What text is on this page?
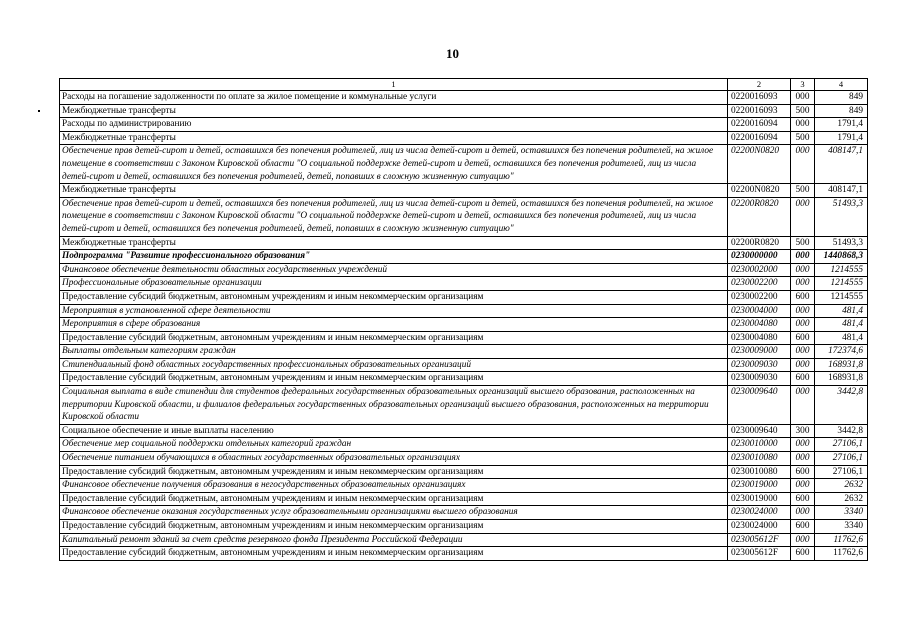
10
1	2	3	4
Расходы на погашение задолженности по оплате за жилое помещение и коммунальные услуги	0220016093	000	849
Межбюджетные трансферты	0220016093	500	849
Расходы по администрированию	0220016094	000	1791,4
Межбюджетные трансферты	0220016094	500	1791,4
Обеспечение прав детей-сирот и детей, оставшихся без попечения родителей, лиц из числа детей-сирот и детей, оставшихся без попечения родителей, на жилое помещение в соответствии с Законом Кировской области "О социальной поддержке детей-сирот и детей, оставшихся без попечения родителей, лиц из числа детей-сирот и детей, оставшихся без попечения родителей, детей, попавших в сложную жизненную ситуацию"	02200N0820	000	408147,1
Межбюджетные трансферты	02200N0820	500	408147,1
Обеспечение прав детей-сирот и детей, оставшихся без попечения родителей, лиц из числа детей-сирот и детей, оставшихся без попечения родителей, на жилое помещение в соответствии с Законом Кировской области "О социальной поддержке детей-сирот и детей, оставшихся без попечения родителей, лиц из числа детей-сирот и детей, оставшихся без попечения родителей, детей, попавших в сложную жизненную ситуацию"	02200R0820	000	51493,3
Межбюджетные трансферты	02200R0820	500	51493,3
Подпрограмма "Развитие профессионального образования"	0230000000	000	1440868,3
Финансовое обеспечение деятельности областных государственных учреждений	0230002000	000	1214555
Профессиональные образовательные организации	0230002200	000	1214555
Предоставление субсидий бюджетным, автономным учреждениям и иным некоммерческим организациям	0230002200	600	1214555
Мероприятия в установленной сфере деятельности	0230004000	000	481,4
Мероприятия в сфере образования	0230004080	000	481,4
Предоставление субсидий бюджетным, автономным учреждениям и иным некоммерческим организациям	0230004080	600	481,4
Выплаты отдельным категориям граждан	0230009000	000	172374,6
Стипендиальный фонд областных государственных профессиональных образовательных организаций	0230009030	000	168931,8
Предоставление субсидий бюджетным, автономным учреждениям и иным некоммерческим организациям	0230009030	600	168931,8
Социальная выплата в виде стипендии для студентов федеральных государственных образовательных организаций высшего образования, расположенных на территории Кировской области, и филиалов федеральных государственных образовательных организаций высшего образования, расположенных на территории Кировской области	0230009640	000	3442,8
Социальное обеспечение и иные выплаты населению	0230009640	300	3442,8
Обеспечение мер социальной поддержки отдельных категорий граждан	0230010000	000	27106,1
Обеспечение питанием обучающихся в областных государственных образовательных организациях	0230010080	000	27106,1
Предоставление субсидий бюджетным, автономным учреждениям и иным некоммерческим организациям	0230010080	600	27106,1
Финансовое обеспечение получения образования в негосударственных образовательных организациях	0230019000	000	2632
Предоставление субсидий бюджетным, автономным учреждениям и иным некоммерческим организациям	0230019000	600	2632
Финансовое обеспечение оказания государственных услуг образовательными организациями высшего образования	0230024000	000	3340
Предоставление субсидий бюджетным, автономным учреждениям и иным некоммерческим организациям	0230024000	600	3340
Капитальный ремонт зданий за счет средств резервного фонда Президента Российской Федерации	023005612F	000	11762,6
Предоставление субсидий бюджетным, автономным учреждениям и иным некоммерческим организациям	023005612F	600	11762,6
